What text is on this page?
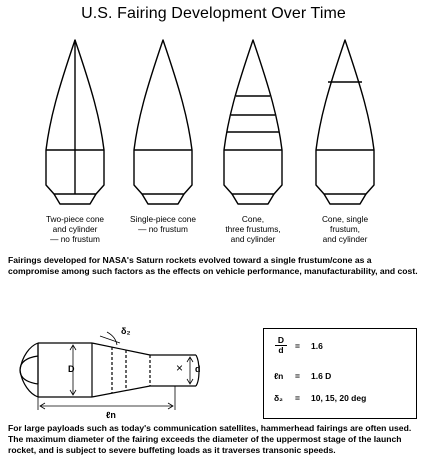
U.S. Fairing Development Over Time
Two-piece cone
and cylinder
— no frustum
Single-piece cone
— no frustum
Cone,
three frustums,
and cylinder
Cone, single
frustum,
and cylinder
Fairings developed for NASA's Saturn rockets evolved toward a single frustum/cone as a compromise among such factors as the effects on vehicle performance, manufacturability, and cost.
D	d
δ₂
ℓn
×
D
d	= 1.6
ℓn = 1.6 D
δ₂ = 10, 15, 20 deg
For large payloads such as today's communication satellites, hammerhead fairings are often used. The maximum diameter of the fairing exceeds the diameter of the uppermost stage of the launch rocket, and is subject to severe buffeting loads as it traverses transonic speeds.
